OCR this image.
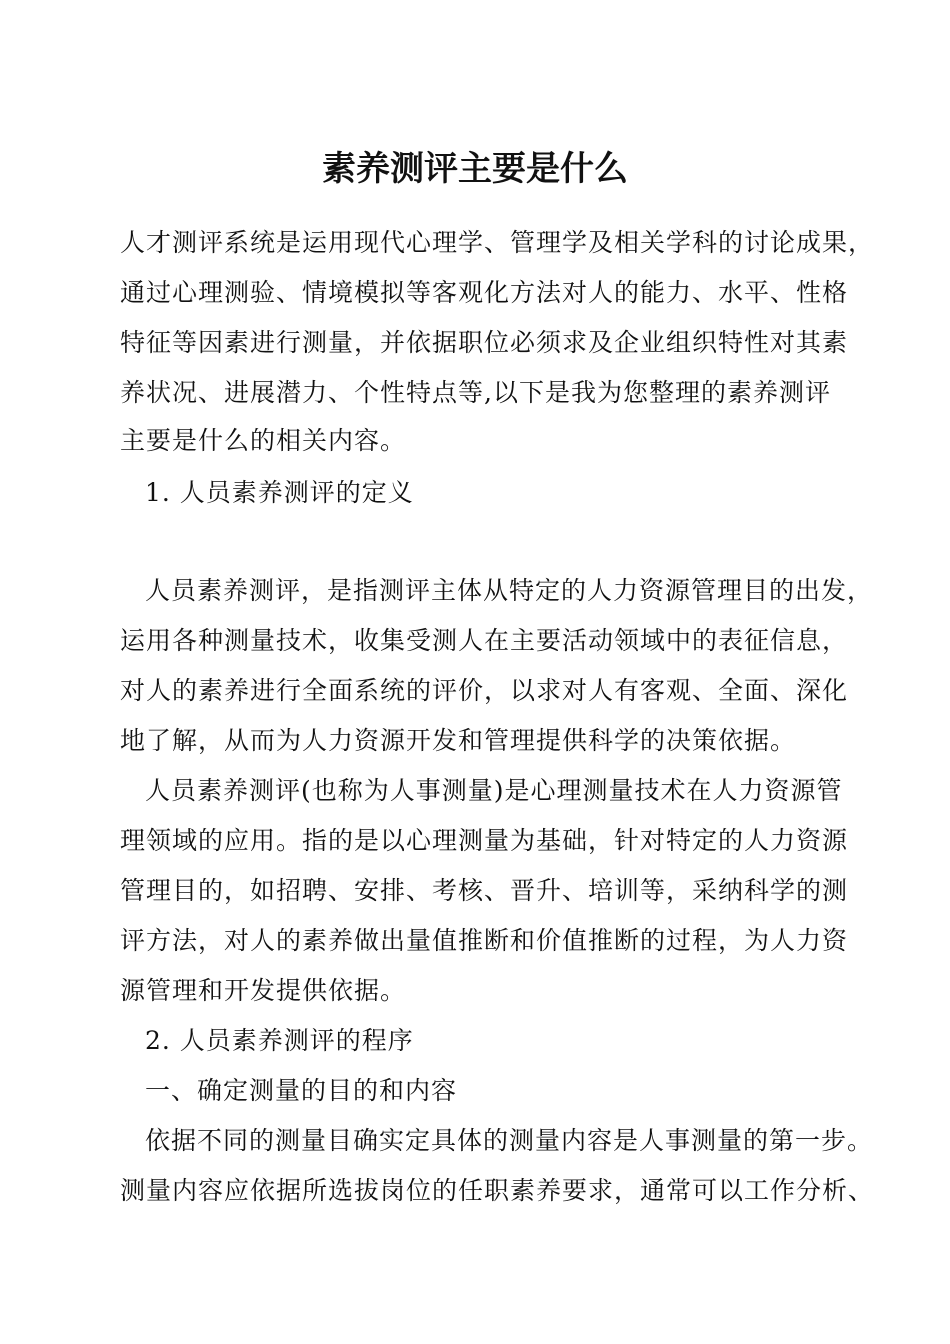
素养测评主要是什么
人才测评系统是运用现代心理学、管理学及相关学科的讨论成果，
通过心理测验、情境模拟等客观化方法对人的能力、水平、性格
特征等因素进行测量，并依据职位必须求及企业组织特性对其素
养状况、进展潜力、个性特点等,以下是我为您整理的素养测评
主要是什么的相关内容。
1. 人员素养测评的定义
人员素养测评，是指测评主体从特定的人力资源管理目的出发，
运用各种测量技术，收集受测人在主要活动领域中的表征信息，
对人的素养进行全面系统的评价，以求对人有客观、全面、深化
地了解，从而为人力资源开发和管理提供科学的决策依据。
人员素养测评(也称为人事测量)是心理测量技术在人力资源管
理领域的应用。指的是以心理测量为基础，针对特定的人力资源
管理目的，如招聘、安排、考核、晋升、培训等，采纳科学的测
评方法，对人的素养做出量值推断和价值推断的过程，为人力资
源管理和开发提供依据。
2. 人员素养测评的程序
一、确定测量的目的和内容
依据不同的测量目确实定具体的测量内容是人事测量的第一步。
测量内容应依据所选拔岗位的任职素养要求，通常可以工作分析、
